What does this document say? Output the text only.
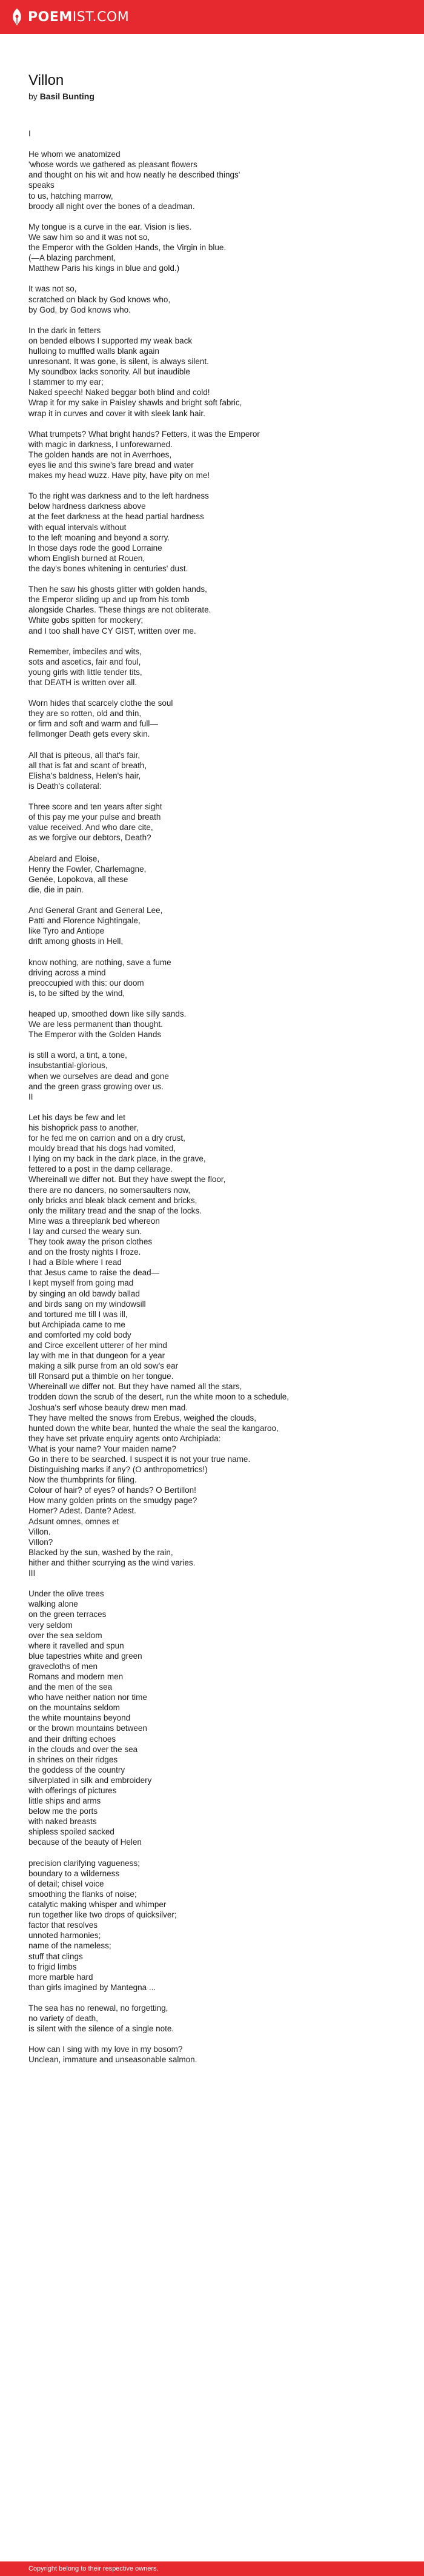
POEM IST.COM
Villon
by Basil Bunting
I
He whom we anatomized
'whose words we gathered as pleasant flowers
and thought on his wit and how neatly he described things'
speaks
to us, hatching marrow,
broody all night over the bones of a deadman.
My tongue is a curve in the ear. Vision is lies.
We saw him so and it was not so,
the Emperor with the Golden Hands, the Virgin in blue.
(—A blazing parchment,
Matthew Paris his kings in blue and gold.)
It was not so,
scratched on black by God knows who,
by God, by God knows who.
In the dark in fetters
on bended elbows I supported my weak back
hulloing to muffled walls blank again
unresonant. It was gone, is silent, is always silent.
My soundbox lacks sonority. All but inaudible
I stammer to my ear;
Naked speech! Naked beggar both blind and cold!
Wrap it for my sake in Paisley shawls and bright soft fabric,
wrap it in curves and cover it with sleek lank hair.
What trumpets? What bright hands? Fetters, it was the Emperor
with magic in darkness, I unforewarned.
The golden hands are not in Averrhoes,
eyes lie and this swine's fare bread and water
makes my head wuzz. Have pity, have pity on me!
To the right was darkness and to the left hardness
below hardness darkness above
at the feet darkness at the head partial hardness
with equal intervals without
to the left moaning and beyond a sorry.
In those days rode the good Lorraine
whom English burned at Rouen,
the day's bones whitening in centuries' dust.
Then he saw his ghosts glitter with golden hands,
the Emperor sliding up and up from his tomb
alongside Charles. These things are not obliterate.
White gobs spitten for mockery;
and I too shall have CY GIST, written over me.
Remember, imbeciles and wits,
sots and ascetics, fair and foul,
young girls with little tender tits,
that DEATH is written over all.
Worn hides that scarcely clothe the soul
they are so rotten, old and thin,
or firm and soft and warm and full—
fellmonger Death gets every skin.
All that is piteous, all that's fair,
all that is fat and scant of breath,
Elisha's baldness, Helen's hair,
is Death's collateral:
Three score and ten years after sight
of this pay me your pulse and breath
value received. And who dare cite,
as we forgive our debtors, Death?
Abelard and Eloise,
Henry the Fowler, Charlemagne,
Genée, Lopokova, all these
die, die in pain.
And General Grant and General Lee,
Patti and Florence Nightingale,
like Tyro and Antiope
drift among ghosts in Hell,
know nothing, are nothing, save a fume
driving across a mind
preoccupied with this: our doom
is, to be sifted by the wind,
heaped up, smoothed down like silly sands.
We are less permanent than thought.
The Emperor with the Golden Hands
is still a word, a tint, a tone,
insubstantial-glorious,
when we ourselves are dead and gone
and the green grass growing over us.
II
Let his days be few and let
his bishoprick pass to another,
for he fed me on carrion and on a dry crust,
mouldy bread that his dogs had vomited,
I lying on my back in the dark place, in the grave,
fettered to a post in the damp cellarage.
Whereinall we differ not. But they have swept the floor,
there are no dancers, no somersaulters now,
only bricks and bleak black cement and bricks,
only the military tread and the snap of the locks.
Mine was a threeplank bed whereon
I lay and cursed the weary sun.
They took away the prison clothes
and on the frosty nights I froze.
I had a Bible where I read
that Jesus came to raise the dead—
I kept myself from going mad
by singing an old bawdy ballad
and birds sang on my windowsill
and tortured me till I was ill,
but Archipiada came to me
and comforted my cold body
and Circe excellent utterer of her mind
lay with me in that dungeon for a year
making a silk purse from an old sow's ear
till Ronsard put a thimble on her tongue.
Whereinall we differ not. But they have named all the stars,
trodden down the scrub of the desert, run the white moon to a schedule,
Joshua's serf whose beauty drew men mad.
They have melted the snows from Erebus, weighed the clouds,
hunted down the white bear, hunted the whale the seal the kangaroo,
they have set private enquiry agents onto Archipiada:
What is your name? Your maiden name?
Go in there to be searched. I suspect it is not your true name.
Distinguishing marks if any? (O anthropometrics!)
Now the thumbprints for filing.
Colour of hair? of eyes? of hands? O Bertillon!
How many golden prints on the smudgy page?
Homer? Adest. Dante? Adest.
Adsunt omnes, omnes et
Villon.
Villon?
Blacked by the sun, washed by the rain,
hither and thither scurrying as the wind varies.
III
Under the olive trees
walking alone
on the green terraces
very seldom
over the sea seldom
where it ravelled and spun
blue tapestries white and green
gravecloths of men
Romans and modern men
and the men of the sea
who have neither nation nor time
on the mountains seldom
the white mountains beyond
or the brown mountains between
and their drifting echoes
in the clouds and over the sea
in shrines on their ridges
the goddess of the country
silverplated in silk and embroidery
with offerings of pictures
little ships and arms
below me the ports
with naked breasts
shipless spoiled sacked
because of the beauty of Helen
precision clarifying vagueness;
boundary to a wilderness
of detail; chisel voice
smoothing the flanks of noise;
catalytic making whisper and whimper
run together like two drops of quicksilver;
factor that resolves
unnoted harmonies;
name of the nameless;
stuff that clings
to frigid limbs
more marble hard
than girls imagined by Mantegna ...
The sea has no renewal, no forgetting,
no variety of death,
is silent with the silence of a single note.
How can I sing with my love in my bosom?
Unclean, immature and unseasonable salmon.
Copyright belong to their respective owners.
